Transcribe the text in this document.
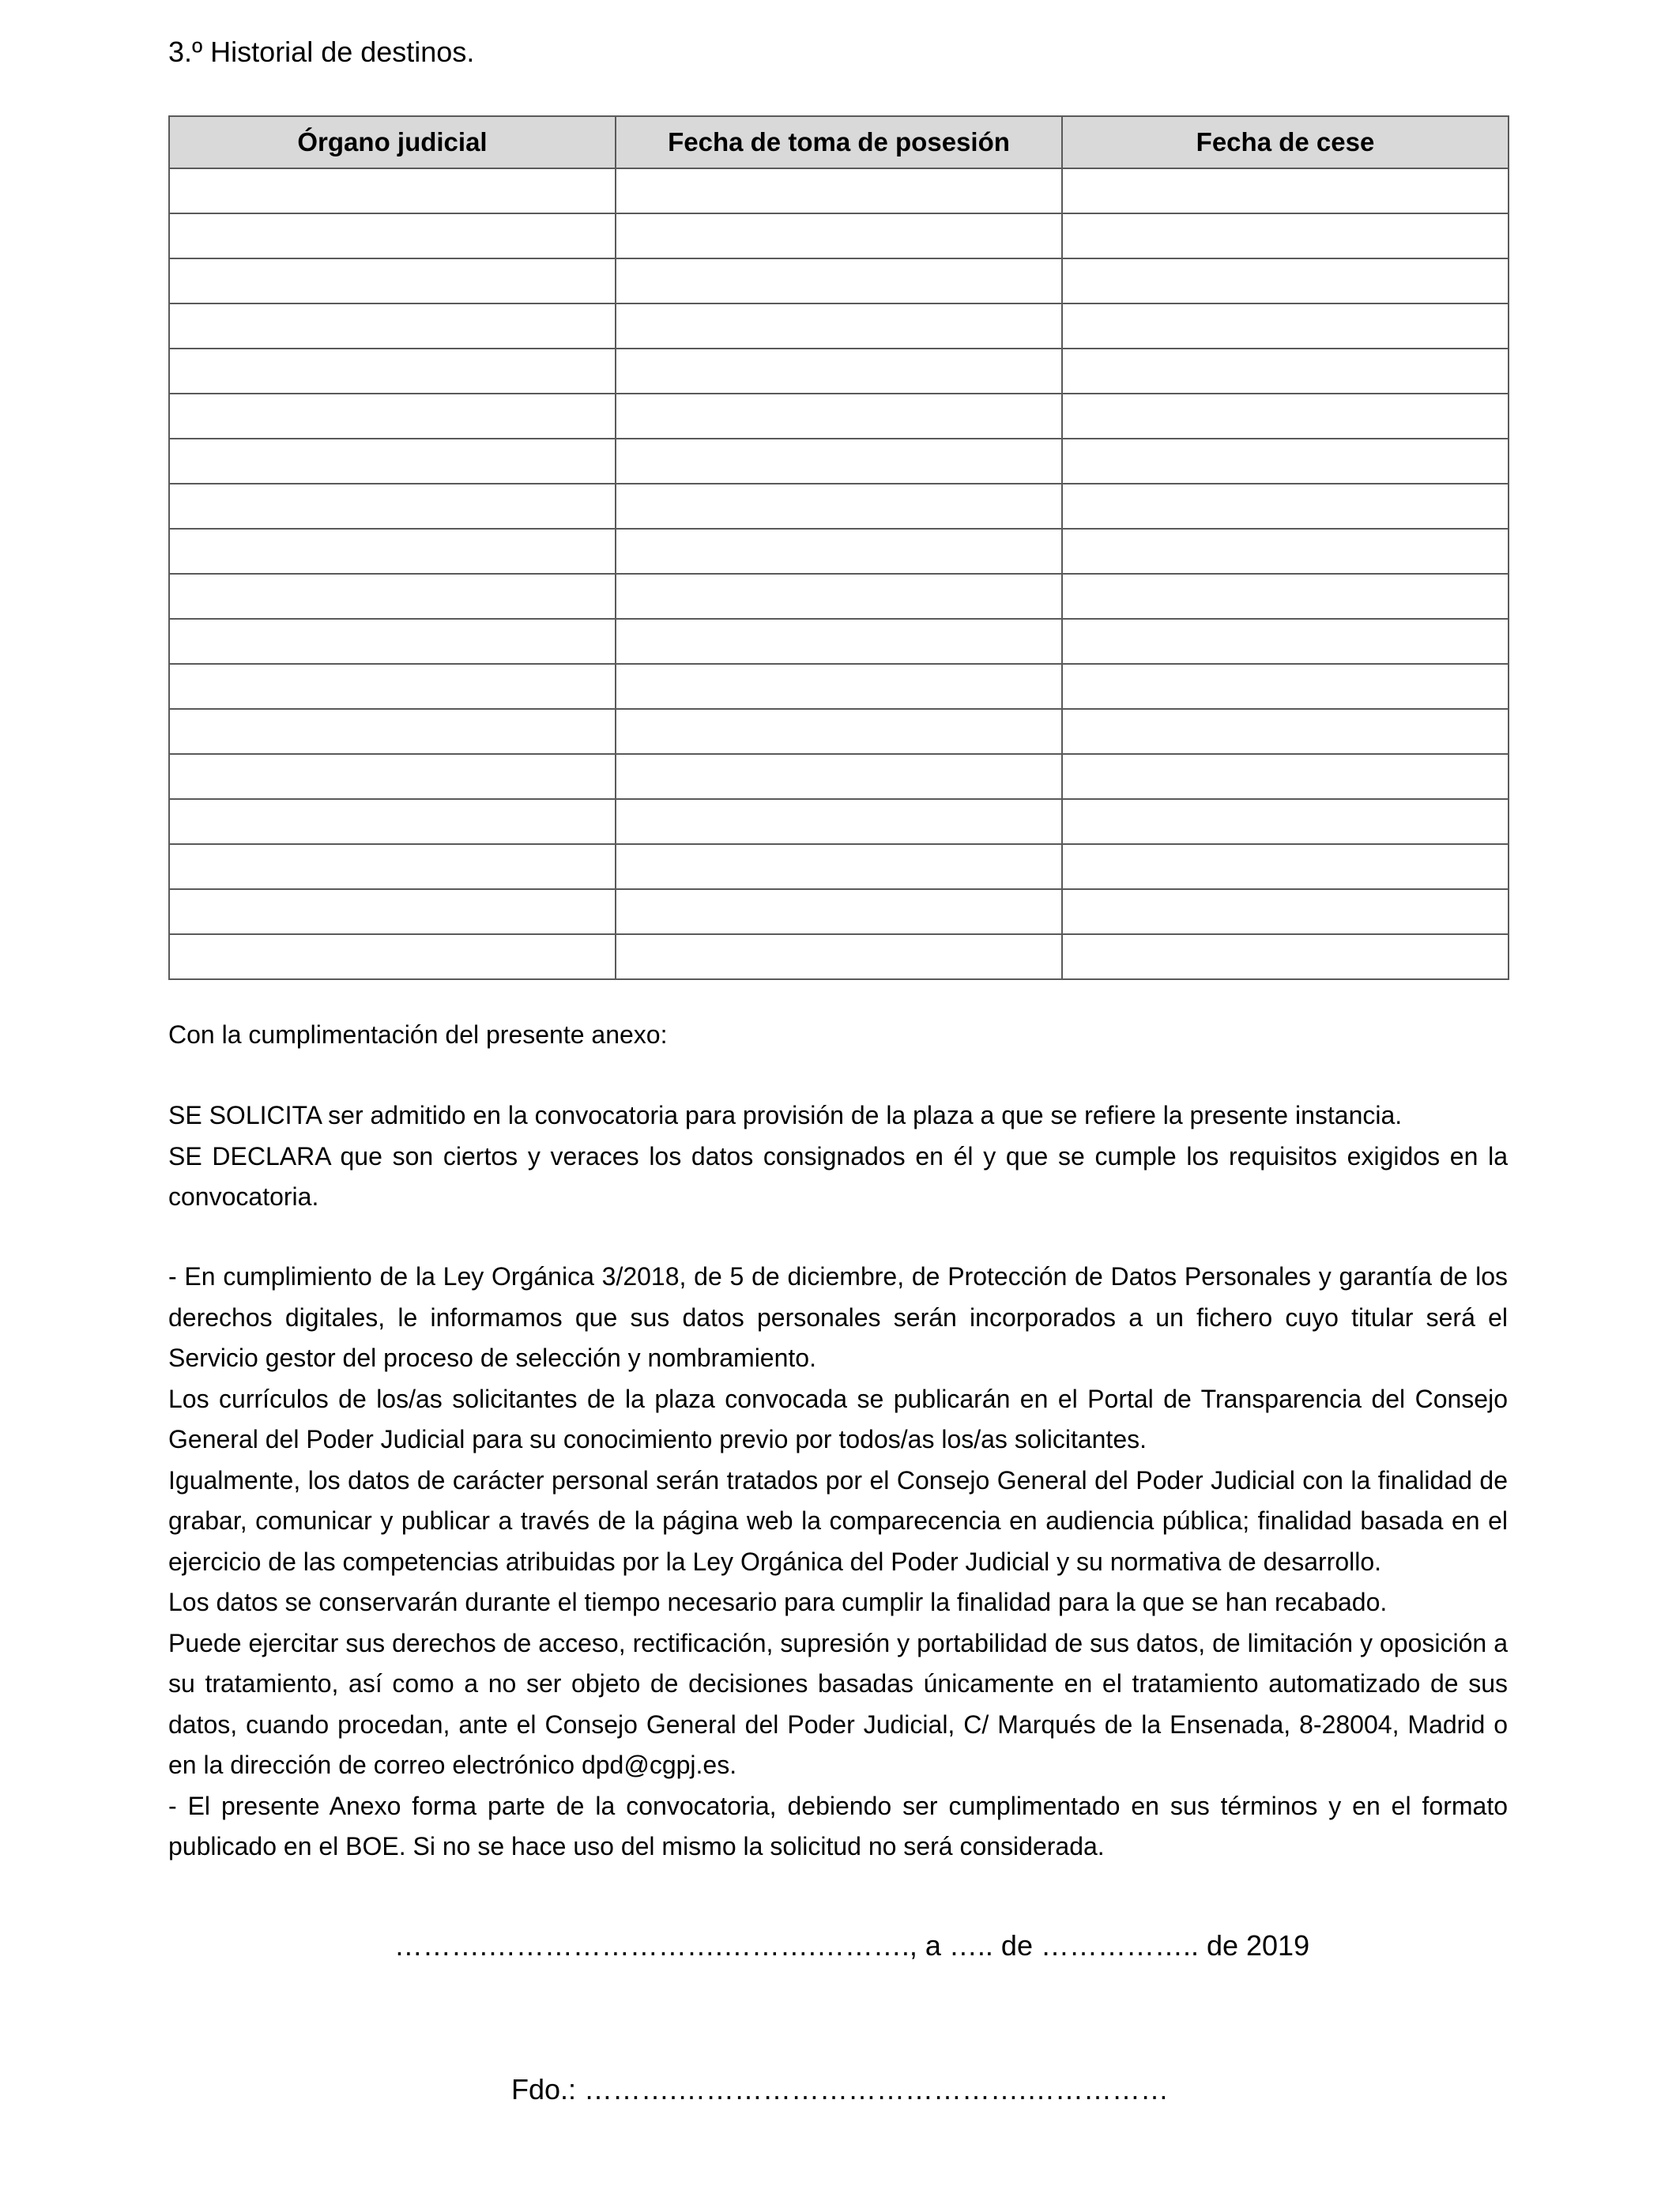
3.º Historial de destinos.
Órgano judicial	Fecha de toma de posesión	Fecha de cese

Con la cumplimentación del presente anexo:

SE SOLICITA ser admitido en la convocatoria para provisión de la plaza a que se refiere la presente instancia.
SE DECLARA que son ciertos y veraces los datos consignados en él y que se cumple los requisitos exigidos en la convocatoria.
- En cumplimiento de la Ley Orgánica 3/2018, de 5 de diciembre, de Protección de Datos Personales y garantía de los derechos digitales, le informamos que sus datos personales serán incorporados a un fichero cuyo titular será el Servicio gestor del proceso de selección y nombramiento.
Los currículos de los/as solicitantes de la plaza convocada se publicarán en el Portal de Transparencia del Consejo General del Poder Judicial para su conocimiento previo por todos/as los/as solicitantes.
Igualmente, los datos de carácter personal serán tratados por el Consejo General del Poder Judicial con la finalidad de grabar, comunicar y publicar a través de la página web la comparecencia en audiencia pública; finalidad basada en el ejercicio de las competencias atribuidas por la Ley Orgánica del Poder Judicial y su normativa de desarrollo.
Los datos se conservarán durante el tiempo necesario para cumplir la finalidad para la que se han recabado.
Puede ejercitar sus derechos de acceso, rectificación, supresión y portabilidad de sus datos, de limitación y oposición a su tratamiento, así como a no ser objeto de decisiones basadas únicamente en el tratamiento automatizado de sus datos, cuando procedan, ante el Consejo General del Poder Judicial, C/ Marqués de la Ensenada, 8-28004, Madrid o en la dirección de correo electrónico dpd@cgpj.es.
- El presente Anexo forma parte de la convocatoria, debiendo ser cumplimentado en sus términos y en el formato publicado en el BOE. Si no se hace uso del mismo la solicitud no será considerada.
……….…………………….……….………., a ….. de …………….. de 2019
Fdo.: ……….……………………………….……………
